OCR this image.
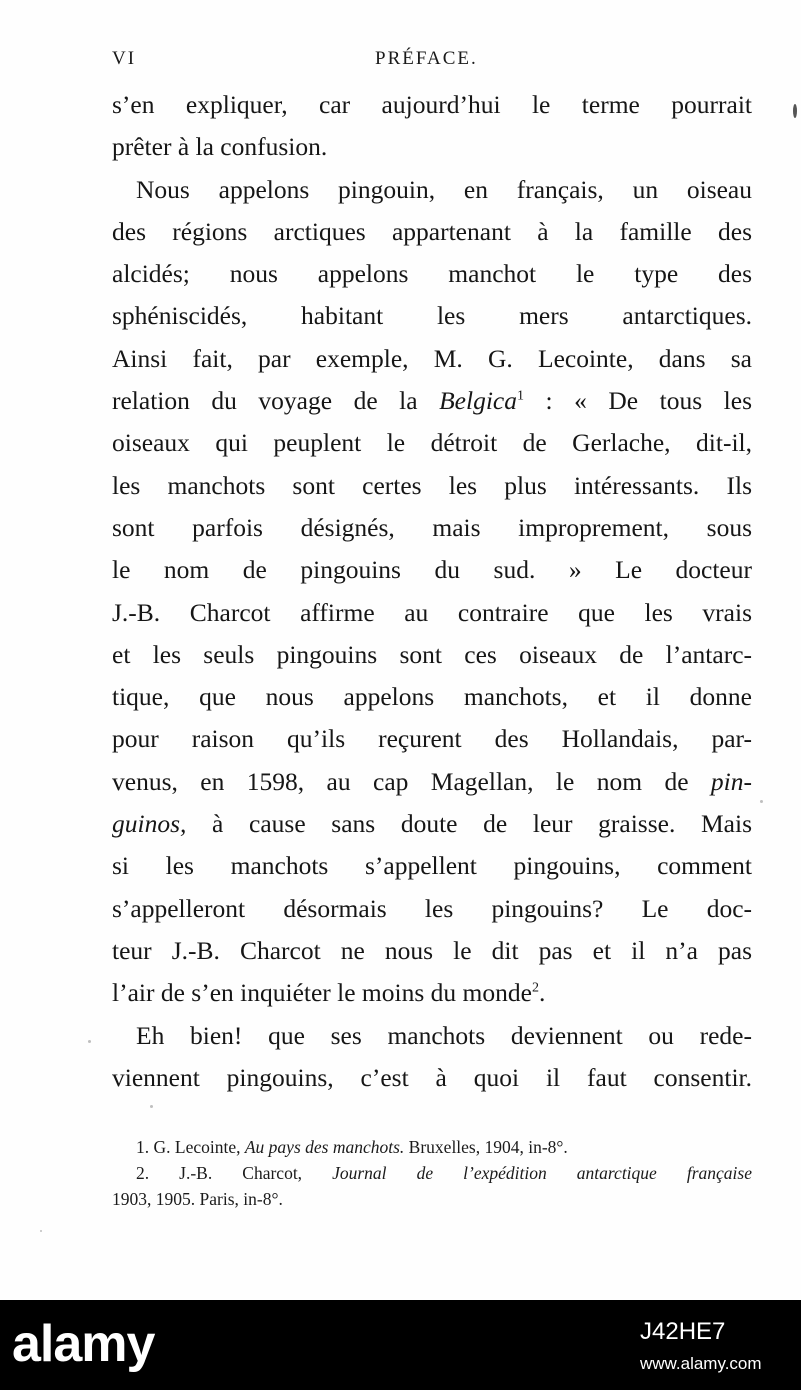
VI	PRÉFACE.
s’en expliquer, car aujourd’hui le terme pourrait
prêter à la confusion.
Nous appelons pingouin, en français, un oiseau
des régions arctiques appartenant à la famille des
alcidés; nous appelons manchot le type des
sphéniscidés, habitant les mers antarctiques.
Ainsi fait, par exemple, M. G. Lecointe, dans sa
relation du voyage de la Belgica$^1$ : « De tous les
oiseaux qui peuplent le détroit de Gerlache, dit-il,
les manchots sont certes les plus intéressants. Ils
sont parfois désignés, mais improprement, sous
le nom de pingouins du sud. » Le docteur
J.-B. Charcot affirme au contraire que les vrais
et les seuls pingouins sont ces oiseaux de l’antarc-
tique, que nous appelons manchots, et il donne
pour raison qu’ils reçurent des Hollandais, par-
venus, en 1598, au cap Magellan, le nom de pin-
guinos, à cause sans doute de leur graisse. Mais
si les manchots s’appellent pingouins, comment
s’appelleront désormais les pingouins? Le doc-
teur J.-B. Charcot ne nous le dit pas et il n’a pas
l’air de s’en inquiéter le moins du monde$^2$.
Eh bien! que ses manchots deviennent ou rede-
viennent pingouins, c’est à quoi il faut consentir.
1. G. Lecointe, Au pays des manchots. Bruxelles, 1904, in-8°.
2. J.-B. Charcot, Journal de l’expédition antarctique française
1903, 1905. Paris, in-8°.
alamy	J42HE7
www.alamy.com
